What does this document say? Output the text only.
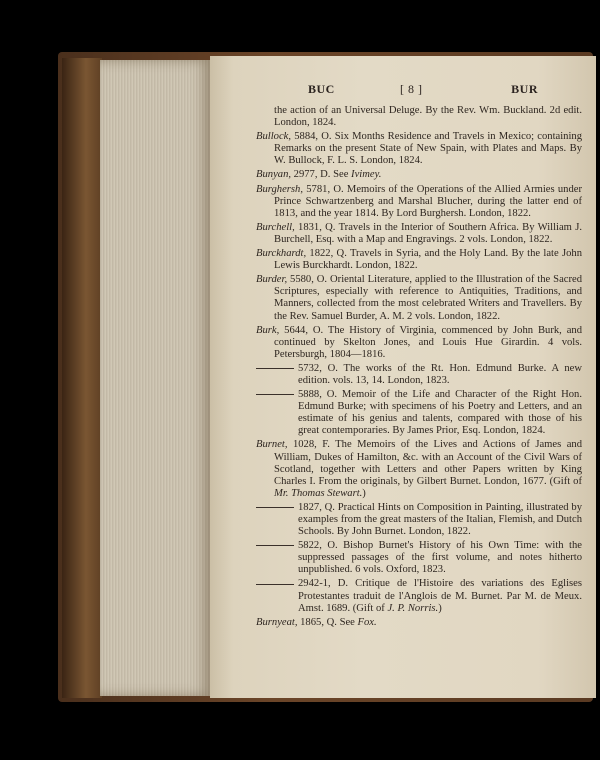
BUC	[ 8 ]	BUR
the action of an Universal Deluge. By the Rev. Wm. Buckland. 2d edit. London, 1824.
Bullock, 5884, O. Six Months Residence and Travels in Mexico; containing Remarks on the present State of New Spain, with Plates and Maps. By W. Bullock, F. L. S. London, 1824.
Bunyan, 2977, D. See Ivimey.
Burghersh, 5781, O. Memoirs of the Operations of the Allied Armies under Prince Schwartzenberg and Marshal Blucher, during the latter end of 1813, and the year 1814. By Lord Burghersh. London, 1822.
Burchell, 1831, Q. Travels in the Interior of Southern Africa. By William J. Burchell, Esq. with a Map and Engravings. 2 vols. London, 1822.
Burckhardt, 1822, Q. Travels in Syria, and the Holy Land. By the late John Lewis Burckhardt. London, 1822.
Burder, 5580, O. Oriental Literature, applied to the Illustration of the Sacred Scriptures, especially with reference to Antiquities, Traditions, and Manners, collected from the most celebrated Writers and Travellers. By the Rev. Samuel Burder, A. M. 2 vols. London, 1822.
Burk, 5644, O. The History of Virginia, commenced by John Burk, and continued by Skelton Jones, and Louis Hue Girardin. 4 vols. Petersburgh, 1804—1816.
5732, O. The works of the Rt. Hon. Edmund Burke. A new edition. vols. 13, 14. London, 1823.
5888, O. Memoir of the Life and Character of the Right Hon. Edmund Burke; with specimens of his Poetry and Letters, and an estimate of his genius and talents, compared with those of his great contemporaries. By James Prior, Esq. London, 1824.
Burnet, 1028, F. The Memoirs of the Lives and Actions of James and William, Dukes of Hamilton, &c. with an Account of the Civil Wars of Scotland, together with Letters and other Papers written by King Charles I. From the originals, by Gilbert Burnet. London, 1677. (Gift of Mr. Thomas Stewart.)
1827, Q. Practical Hints on Composition in Painting, illustrated by examples from the great masters of the Italian, Flemish, and Dutch Schools. By John Burnet. London, 1822.
5822, O. Bishop Burnet's History of his Own Time: with the suppressed passages of the first volume, and notes hitherto unpublished. 6 vols. Oxford, 1823.
2942-1, D. Critique de l'Histoire des variations des Eglises Protestantes traduit de l'Anglois de M. Burnet. Par M. de Meux. Amst. 1689. (Gift of J. P. Norris.)
Burnyeat, 1865, Q. See Fox.
